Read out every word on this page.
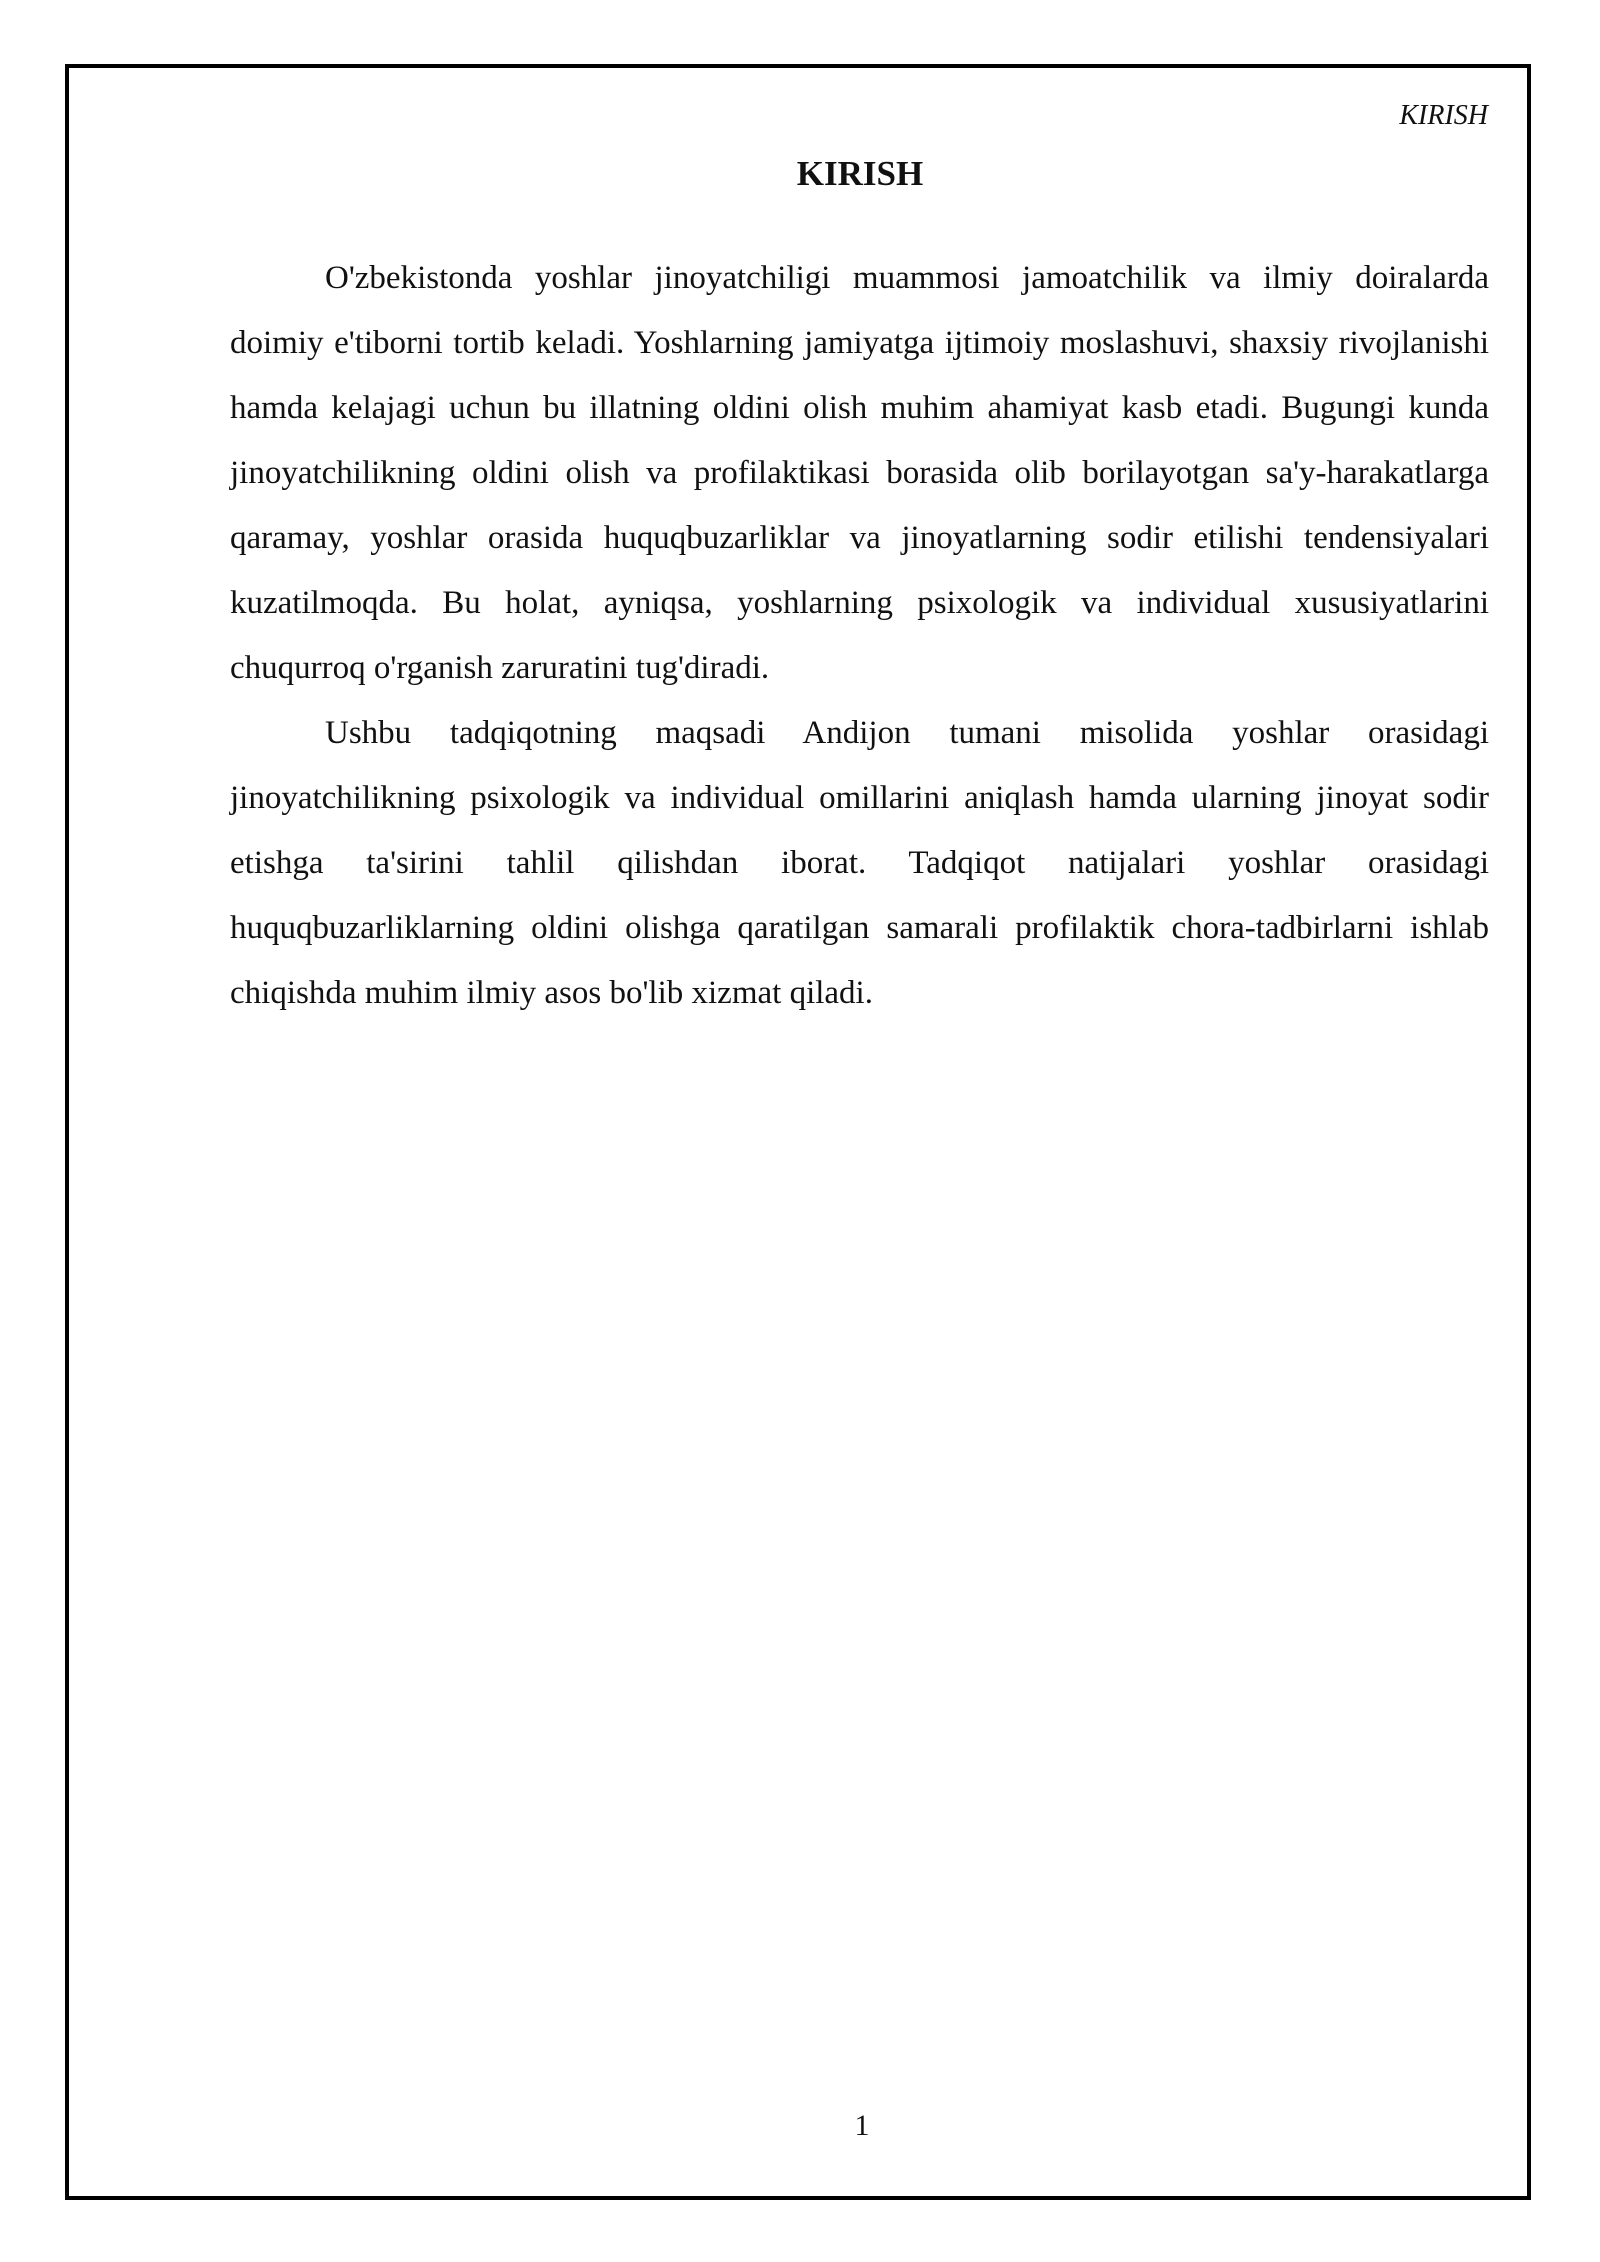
KIRISH
KIRISH

O'zbekistonda yoshlar jinoyatchiligi muammosi jamoatchilik va ilmiy doiralarda doimiy e'tiborni tortib keladi. Yoshlarning jamiyatga ijtimoiy moslashuvi, shaxsiy rivojlanishi hamda kelajagi uchun bu illatning oldini olish muhim ahamiyat kasb etadi. Bugungi kunda jinoyatchilikning oldini olish va profilaktikasi borasida olib borilayotgan sa'y-harakatlarga qaramay, yoshlar orasida huquqbuzarliklar va jinoyatlarning sodir etilishi tendensiyalari kuzatilmoqda. Bu holat, ayniqsa, yoshlarning psixologik va individual xususiyatlarini chuqurroq o'rganish zaruratini tug'diradi.

Ushbu tadqiqotning maqsadi Andijon tumani misolida yoshlar orasidagi jinoyatchilikning psixologik va individual omillarini aniqlash hamda ularning jinoyat sodir etishga ta'sirini tahlil qilishdan iborat. Tadqiqot natijalari yoshlar orasidagi huquqbuzarliklarning oldini olishga qaratilgan samarali profilaktik chora-tadbirlarni ishlab chiqishda muhim ilmiy asos bo'lib xizmat qiladi.

1
